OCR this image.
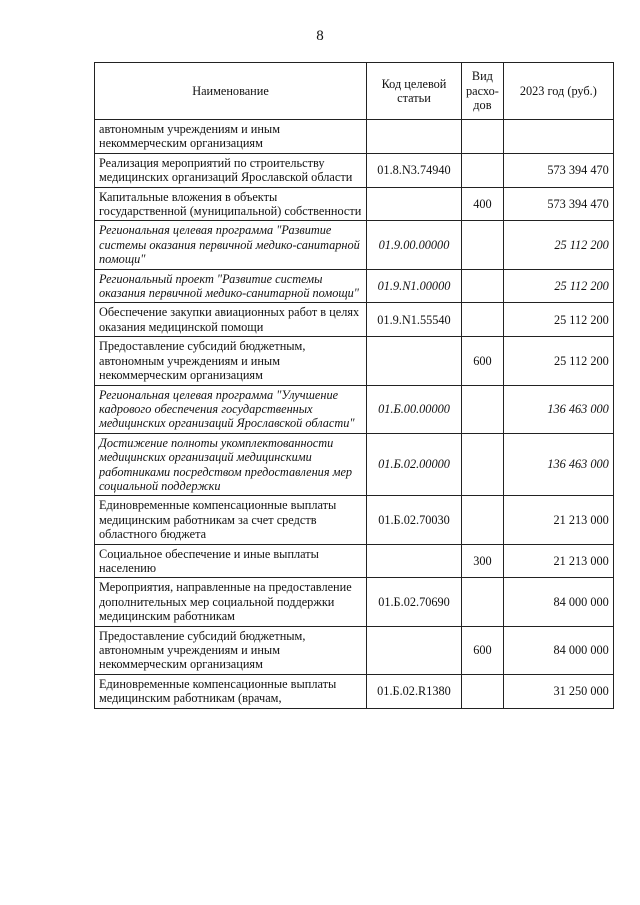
8
Наименование	Код целевой статьи	Вид расхо-дов	2023 год (руб.)
автономным учреждениям и иным некоммерческим организациям			
Реализация мероприятий по строительству медицинских организаций Ярославской области	01.8.N3.74940		573 394 470
Капитальные вложения в объекты государственной (муниципальной) собственности		400	573 394 470
Региональная целевая программа "Развитие системы оказания первичной медико-санитарной помощи"	01.9.00.00000		25 112 200
Региональный проект "Развитие системы оказания первичной медико-санитарной помощи"	01.9.N1.00000		25 112 200
Обеспечение закупки авиационных работ в целях оказания медицинской помощи	01.9.N1.55540		25 112 200
Предоставление субсидий бюджетным, автономным учреждениям и иным некоммерческим организациям		600	25 112 200
Региональная целевая программа "Улучшение кадрового обеспечения государственных медицинских организаций Ярославской области"	01.Б.00.00000		136 463 000
Достижение полноты укомплектованности медицинских организаций медицинскими работниками посредством предоставления мер социальной поддержки	01.Б.02.00000		136 463 000
Единовременные компенсационные выплаты медицинским работникам за счет средств областного бюджета	01.Б.02.70030		21 213 000
Социальное обеспечение и иные выплаты населению		300	21 213 000
Мероприятия, направленные на предоставление дополнительных мер социальной поддержки медицинским работникам	01.Б.02.70690		84 000 000
Предоставление субсидий бюджетным, автономным учреждениям и иным некоммерческим организациям		600	84 000 000
Единовременные компенсационные выплаты медицинским работникам (врачам,	01.Б.02.R1380		31 250 000
